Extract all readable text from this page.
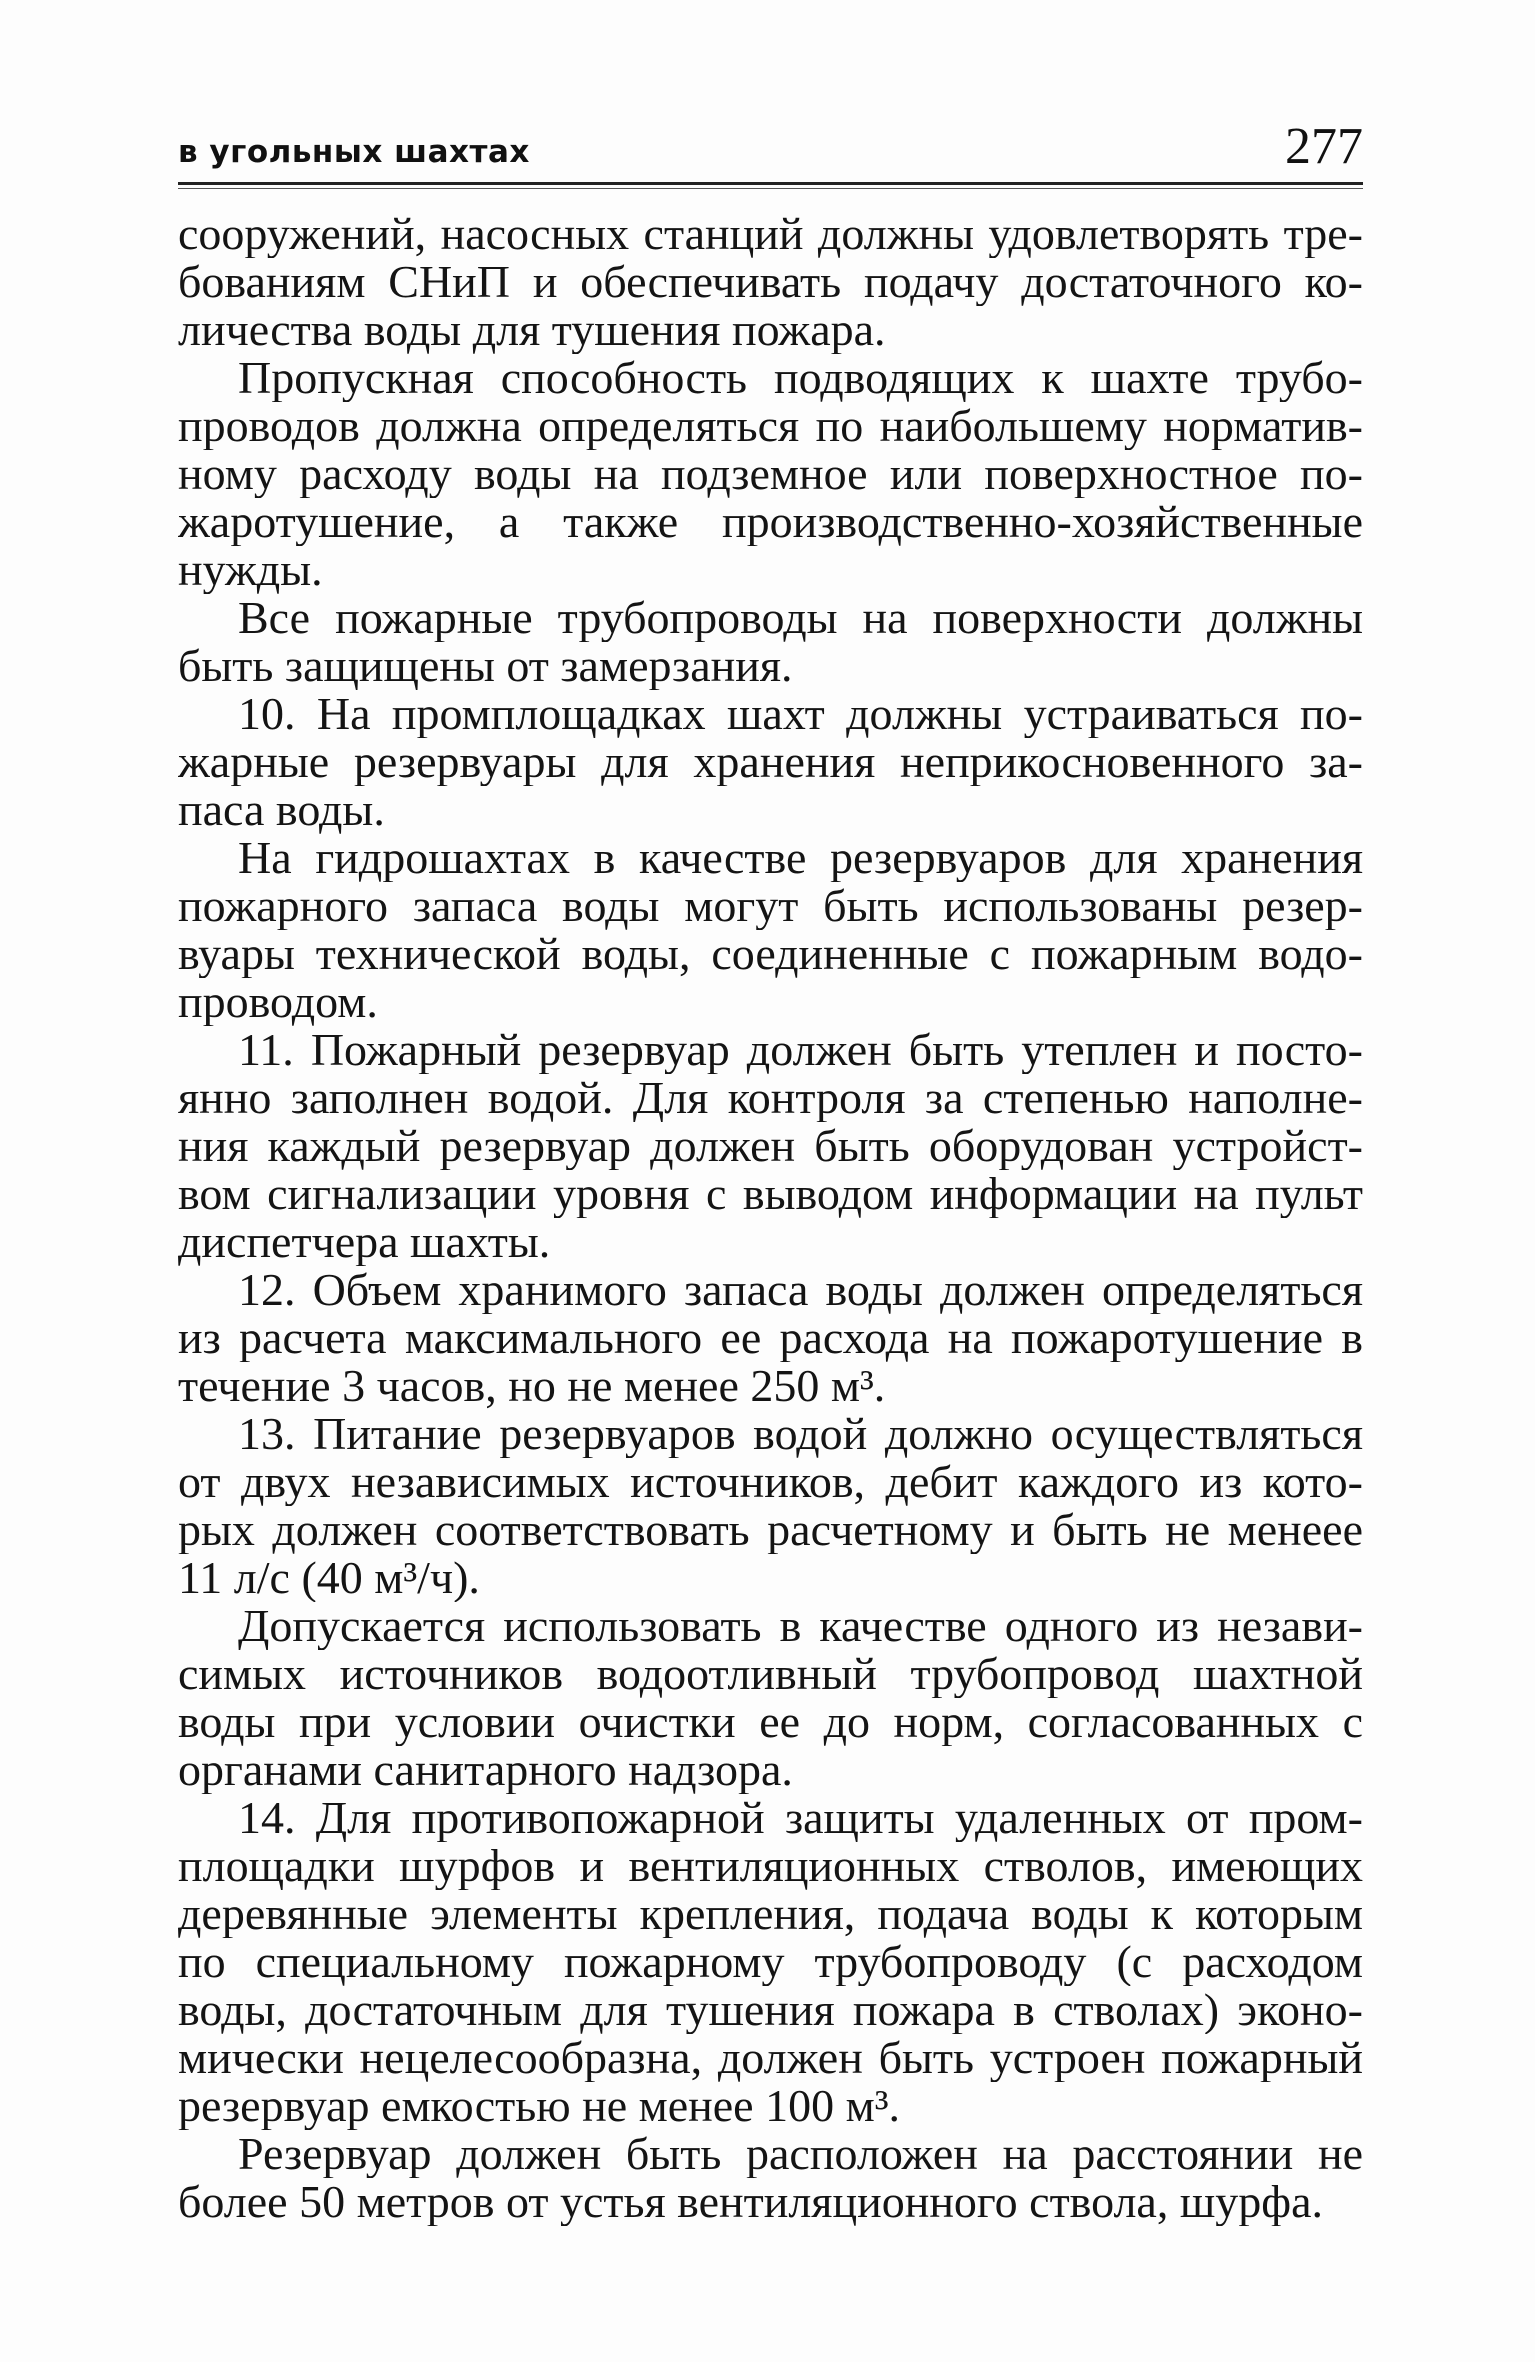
в угольных шахтах	277
сооружений, насосных станций должны удовлетворять тре-
бованиям СНиП и обеспечивать подачу достаточного ко-
личества воды для тушения пожара.
Пропускная способность подводящих к шахте трубо-
проводов должна определяться по наибольшему норматив-
ному расходу воды на подземное или поверхностное по-
жаротушение, а также производственно-хозяйственные
нужды.
Все пожарные трубопроводы на поверхности должны
быть защищены от замерзания.
10. На промплощадках шахт должны устраиваться по-
жарные резервуары для хранения неприкосновенного за-
паса воды.
На гидрошахтах в качестве резервуаров для хранения
пожарного запаса воды могут быть использованы резер-
вуары технической воды, соединенные с пожарным водо-
проводом.
11. Пожарный резервуар должен быть утеплен и посто-
янно заполнен водой. Для контроля за степенью наполне-
ния каждый резервуар должен быть оборудован устройст-
вом сигнализации уровня с выводом информации на пульт
диспетчера шахты.
12. Объем хранимого запаса воды должен определяться
из расчета максимального ее расхода на пожаротушение в
течение 3 часов, но не менее 250 м³.
13. Питание резервуаров водой должно осуществляться
от двух независимых источников, дебит каждого из кото-
рых должен соответствовать расчетному и быть не менеее
11 л/с (40 м³/ч).
Допускается использовать в качестве одного из незави-
симых источников водоотливный трубопровод шахтной
воды при условии очистки ее до норм, согласованных с
органами санитарного надзора.
14. Для противопожарной защиты удаленных от пром-
площадки шурфов и вентиляционных стволов, имеющих
деревянные элементы крепления, подача воды к которым
по специальному пожарному трубопроводу (с расходом
воды, достаточным для тушения пожара в стволах) эконо-
мически нецелесообразна, должен быть устроен пожарный
резервуар емкостью не менее 100 м³.
Резервуар должен быть расположен на расстоянии не
более 50 метров от устья вентиляционного ствола, шурфа.
